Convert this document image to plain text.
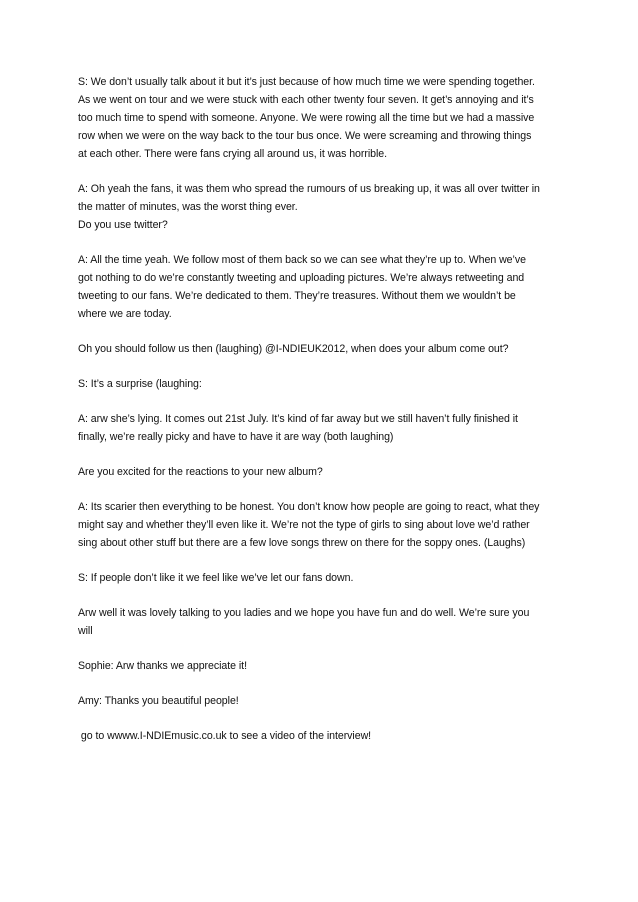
S: We don’t usually talk about it but it’s just because of how much time we were spending together.
As we went on tour and we were stuck with each other twenty four seven. It get’s annoying and it’s
too much time to spend with someone. Anyone. We were rowing all the time but we had a massive
row when we were on the way back to the tour bus once. We were screaming and throwing things
at each other. There were fans crying all around us, it was horrible.
A: Oh yeah the fans, it was them who spread the rumours of us breaking up, it was all over twitter in
the matter of minutes, was the worst thing ever.
Do you use twitter?
A: All the time yeah. We follow most of them back so we can see what they’re up to. When we’ve
got nothing to do we’re constantly tweeting and uploading pictures. We’re always retweeting and
tweeting to our fans. We’re dedicated to them. They’re treasures. Without them we wouldn’t be
where we are today.
Oh you should follow us then (laughing) @I-NDIEUK2012, when does your album come out?
S: It’s a surprise (laughing:
A: arw she’s lying. It comes out 21st July. It’s kind of far away but we still haven’t fully finished it
finally, we’re really picky and have to have it are way (both laughing)
Are you excited for the reactions to your new album?
A: Its scarier then everything to be honest. You don’t know how people are going to react, what they
might say and whether they’ll even like it. We’re not the type of girls to sing about love we’d rather
sing about other stuff but there are a few love songs threw on there for the soppy ones. (Laughs)
S: If people don’t like it we feel like we’ve let our fans down.
Arw well it was lovely talking to you ladies and we hope you have fun and do well. We’re sure you
will
Sophie: Arw thanks we appreciate it!
Amy: Thanks you beautiful people!
go to wwww.I-NDIEmusic.co.uk to see a video of the interview!
